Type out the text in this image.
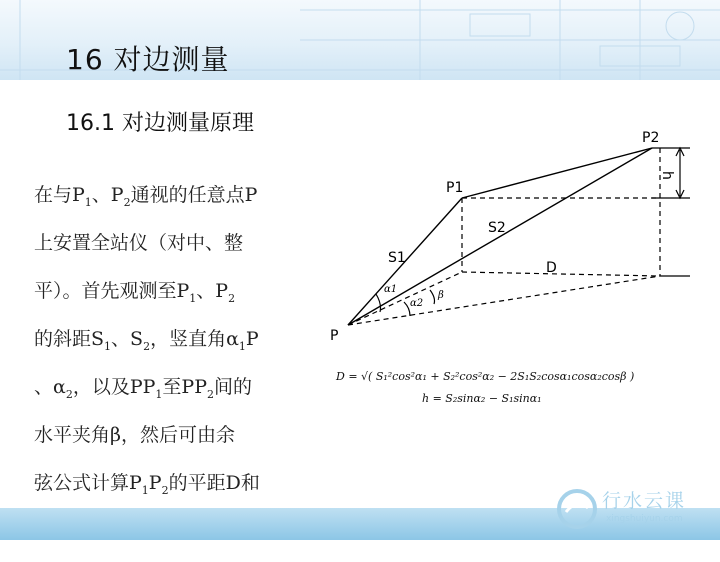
16 对边测量
16.1 对边测量原理
在与$P_1$、$P_2$通视的任意点P
上安置全站仪（对中、整
平）。首先观测至$P_1$、$P_2$
的斜距$S_1$、$S_2$，竖直角$\alpha_1P$
、$\alpha_2$，以及$PP_1$至$PP_2$间的
水平夹角β，然后可由余
弦公式计算$P_1P_2$的平距D和
P
P1
P2
S1
S2
D
h
α1
α2
β
D = √( S₁²cos²α₁ + S₂²cos²α₂ − 2S₁S₂cosα₁cosα₂cosβ )
h = S₂sinα₂ − S₁sinα₁
行水云课
xingshuiyun.com
